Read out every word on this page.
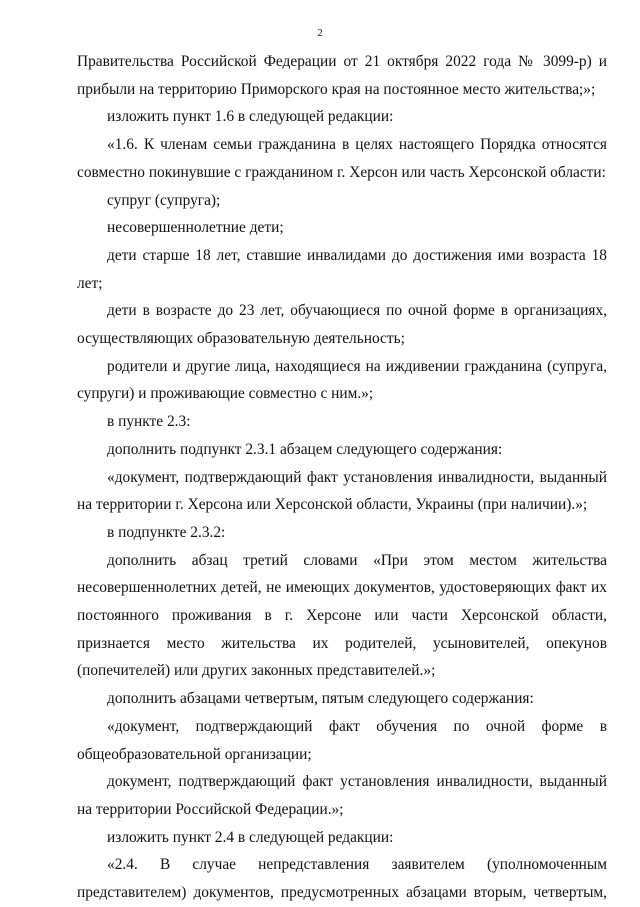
2

Правительства Российской Федерации от 21 октября 2022 года № 3099-р) и прибыли на территорию Приморского края на постоянное место жительства;»;

изложить пункт 1.6 в следующей редакции:

«1.6. К членам семьи гражданина в целях настоящего Порядка относятся совместно покинувшие с гражданином г. Херсон или часть Херсонской области:

супруг (супруга);

несовершеннолетние дети;

дети старше 18 лет, ставшие инвалидами до достижения ими возраста 18 лет;

дети в возрасте до 23 лет, обучающиеся по очной форме в организациях, осуществляющих образовательную деятельность;

родители и другие лица, находящиеся на иждивении гражданина (супруга, супруги) и проживающие совместно с ним.»;

в пункте 2.3:

дополнить подпункт 2.3.1 абзацем следующего содержания:

«документ, подтверждающий факт установления инвалидности, выданный на территории г. Херсона или Херсонской области, Украины (при наличии).»;

в подпункте 2.3.2:

дополнить абзац третий словами «При этом местом жительства несовершеннолетних детей, не имеющих документов, удостоверяющих факт их постоянного проживания в г. Херсоне или части Херсонской области, признается место жительства их родителей, усыновителей, опекунов (попечителей) или других законных представителей.»;

дополнить абзацами четвертым, пятым следующего содержания:

«документ, подтверждающий факт обучения по очной форме в общеобразовательной организации;

документ, подтверждающий факт установления инвалидности, выданный на территории Российской Федерации.»;

изложить пункт 2.4 в следующей редакции:

«2.4. В случае непредставления заявителем (уполномоченным представителем) документов, предусмотренных абзацами вторым, четвертым,
